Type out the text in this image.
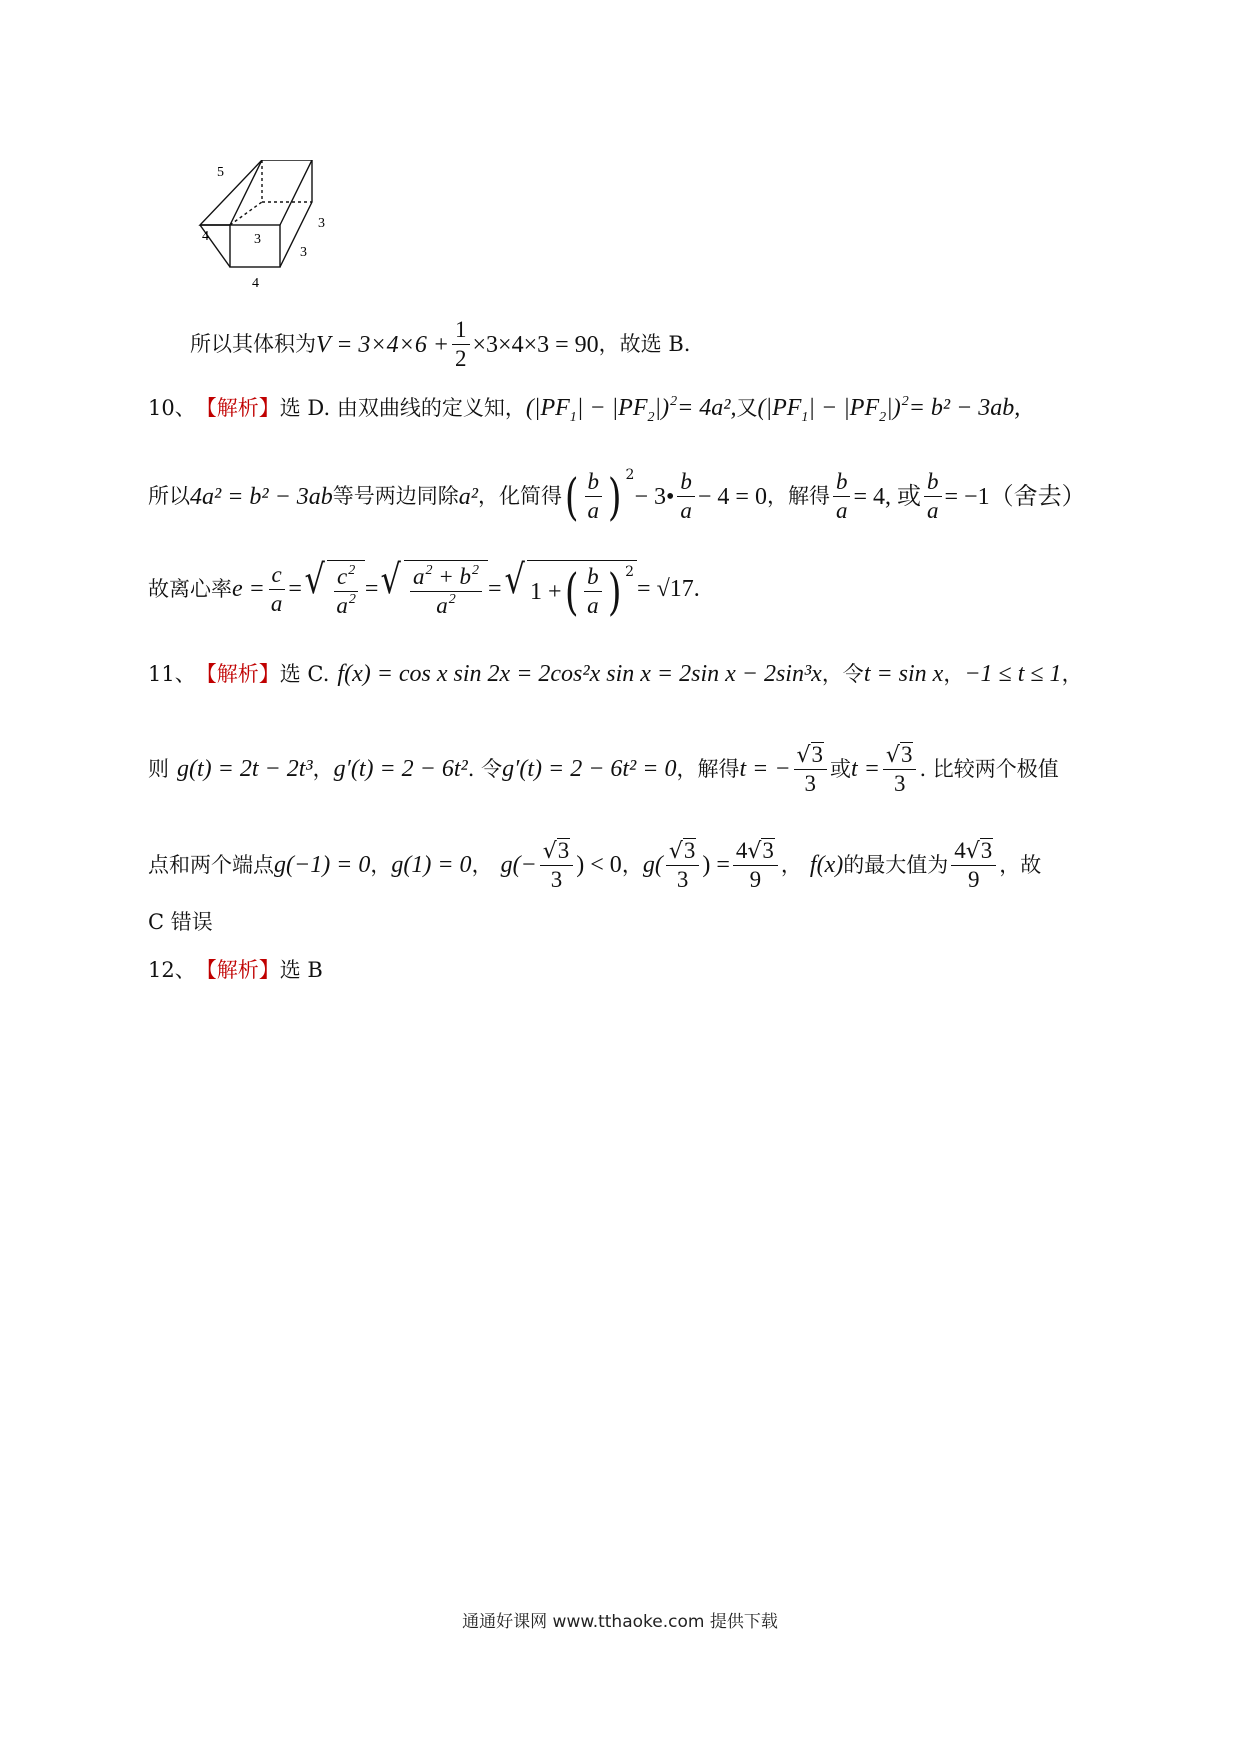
5
4	3
3
3
4
所以其体积为 $V = 3\times 4\times 6 + \frac{1}{2} \times 3\times 4\times 3 = 90$ ，故选 B.
10、 【解析】 选 D. 由双曲线的定义知， $(|PF_1| - |PF_2|)^2 = 4a^2$, 又 $(|PF_1| - |PF_2|)^2 = b^2 - 3ab$,
所以 4a² = b² − 3ab 等号两边同除 a² ，化简得 ( $\frac{b}{a}$ ) 2
− 3• $\frac{b}{a} - 4 = 0$ ，解得 $\frac{b}{a} = 4$, 或 $\frac{b}{a} = -1$（舍去）
故离心率 $e = \frac{c}{a}$ = √ $\frac{c^2}{a^2}$ = √ $\frac{a^2 + b^2}{a^2}$ = √ 1 + ( $\frac{b}{a}$ ) 2
= √17.
11、 【解析】 选 C. f(x) = cos x sin 2x = 2cos²x sin x = 2sin x − 2sin³x ，令 t = sin x ， −1 ≤ t ≤ 1 ，
则 g(t) = 2t − 2t³ ， g′(t) = 2 − 6t² . 令 g′(t) = 2 − 6t² = 0 ，解得 t = − $\frac{√ 3}{3}$ 或 $t = \frac{√ 3}{3}$ . 比较两个极值
点和两个端点 g(−1) = 0 ， g(1) = 0 ， $g(- \frac{√ 3}{3}$ ) < 0 ， $g( \frac{√ 3}{3}$ ) = $\frac{4 √ 3}{9}$ ， f(x) 的最大值为 $\frac{4 √ 3}{9}$ ，故
C 错误
12、 【解析】 选 B
通通好课网 www.tthaoke.com 提供下载
